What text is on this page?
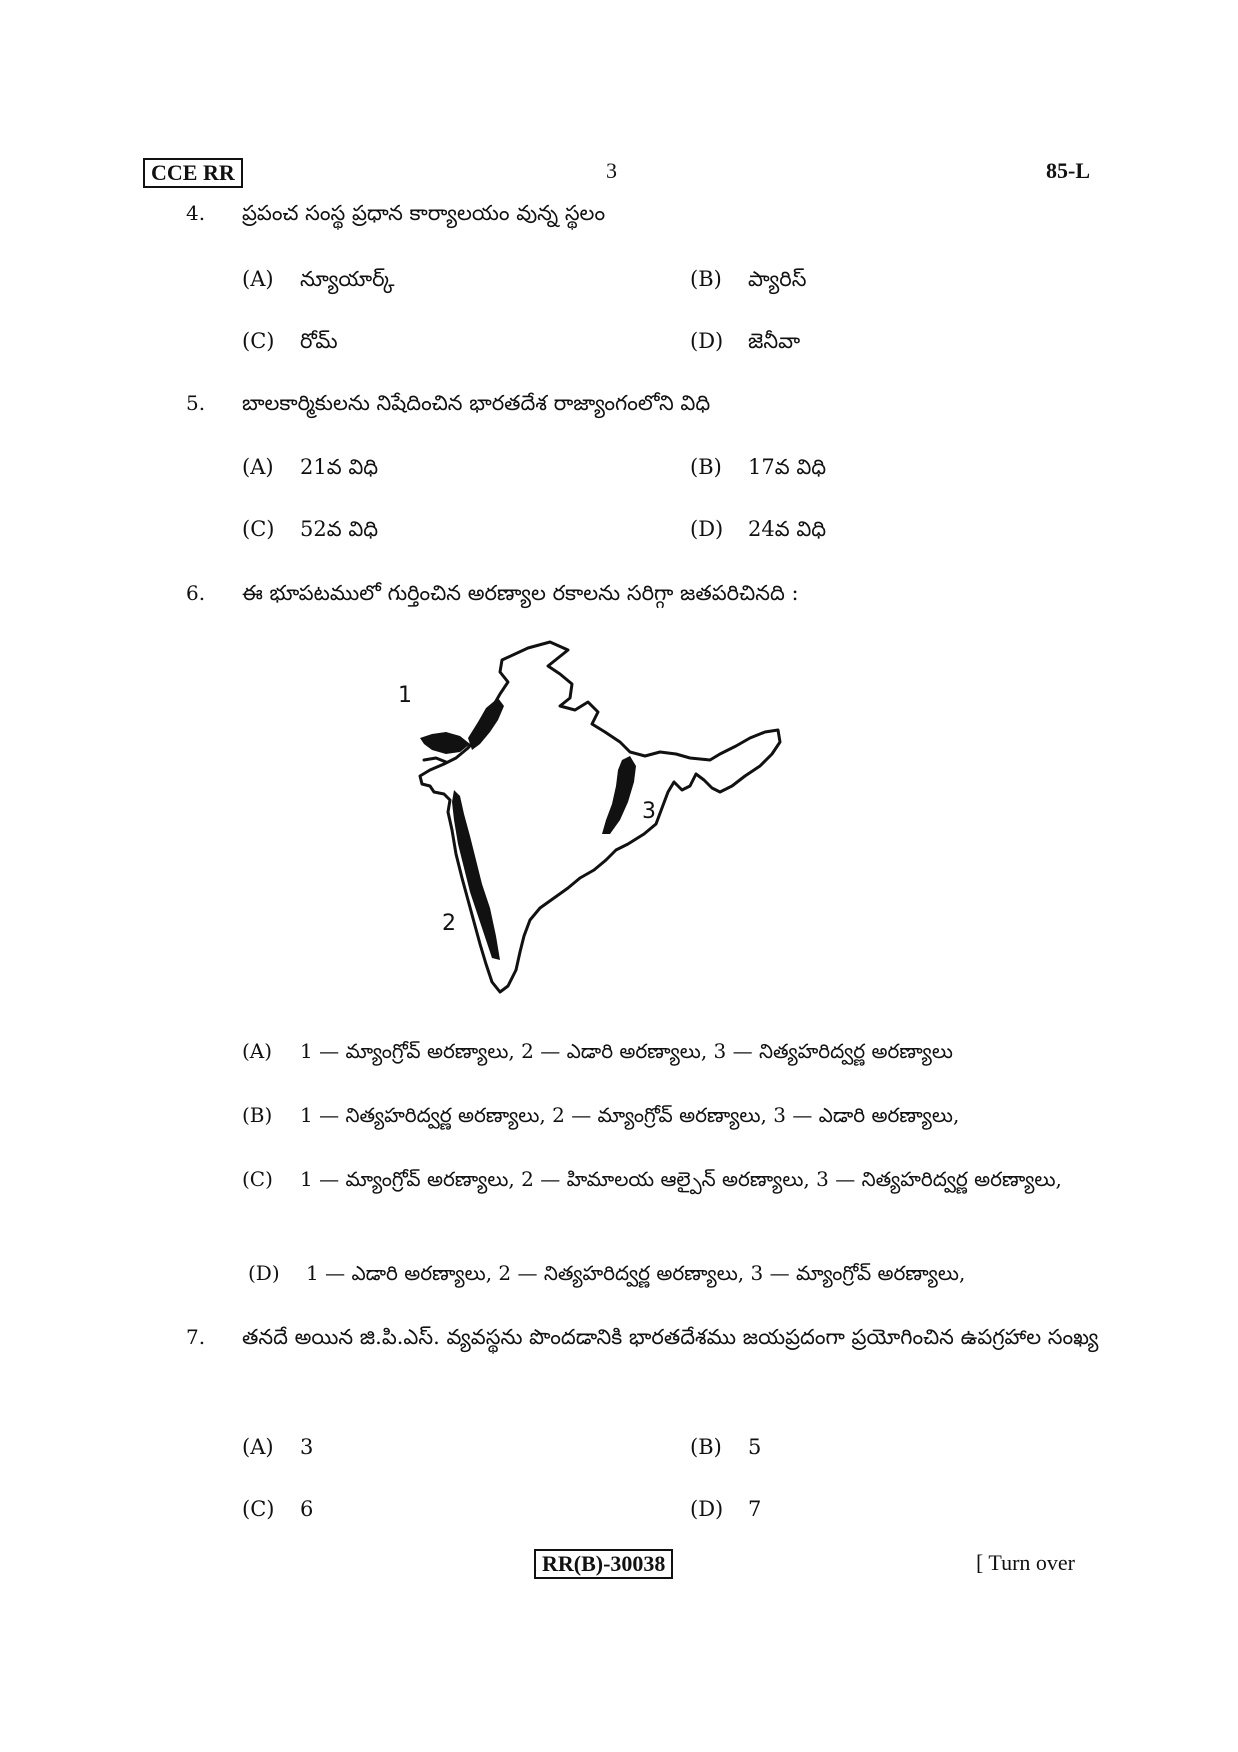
CCE RR	3	85-L
4. ప్రపంచ సంస్థ ప్రధాన కార్యాలయం వున్న స్థలం
(A) న్యూయార్క్	(B) ప్యారిస్
(C) రోమ్	(D) జెనీవా
5. బాలకార్మికులను నిషేదించిన భారతదేశ రాజ్యాంగంలోని విధి
(A) 21వ విధి	(B) 17వ విధి
(C) 52వ విధి	(D) 24వ విధి
6. ఈ భూపటములో గుర్తించిన అరణ్యాల రకాలను సరిగ్గా జతపరిచినది :
1
2
3
(A) 1 — మ్యాంగ్రోవ్ అరణ్యాలు, 2 — ఎడారి అరణ్యాలు, 3 — నిత్యహరిద్వర్ణ అరణ్యాలు
(B) 1 — నిత్యహరిద్వర్ణ అరణ్యాలు, 2 — మ్యాంగ్రోవ్ అరణ్యాలు, 3 — ఎడారి అరణ్యాలు,
(C) 1 — మ్యాంగ్రోవ్ అరణ్యాలు, 2 — హిమాలయ ఆల్పైన్ అరణ్యాలు, 3 — నిత్యహరిద్వర్ణ అరణ్యాలు,
(D) 1 — ఎడారి అరణ్యాలు, 2 — నిత్యహరిద్వర్ణ అరణ్యాలు, 3 — మ్యాంగ్రోవ్ అరణ్యాలు,
7. తనదే అయిన జి.పి.ఎస్. వ్యవస్థను పొందడానికి భారతదేశము జయప్రదంగా ప్రయోగించిన ఉపగ్రహాల సంఖ్య
(A) 3	(B) 5
(C) 6	(D) 7
RR(B)-30038	[ Turn over
